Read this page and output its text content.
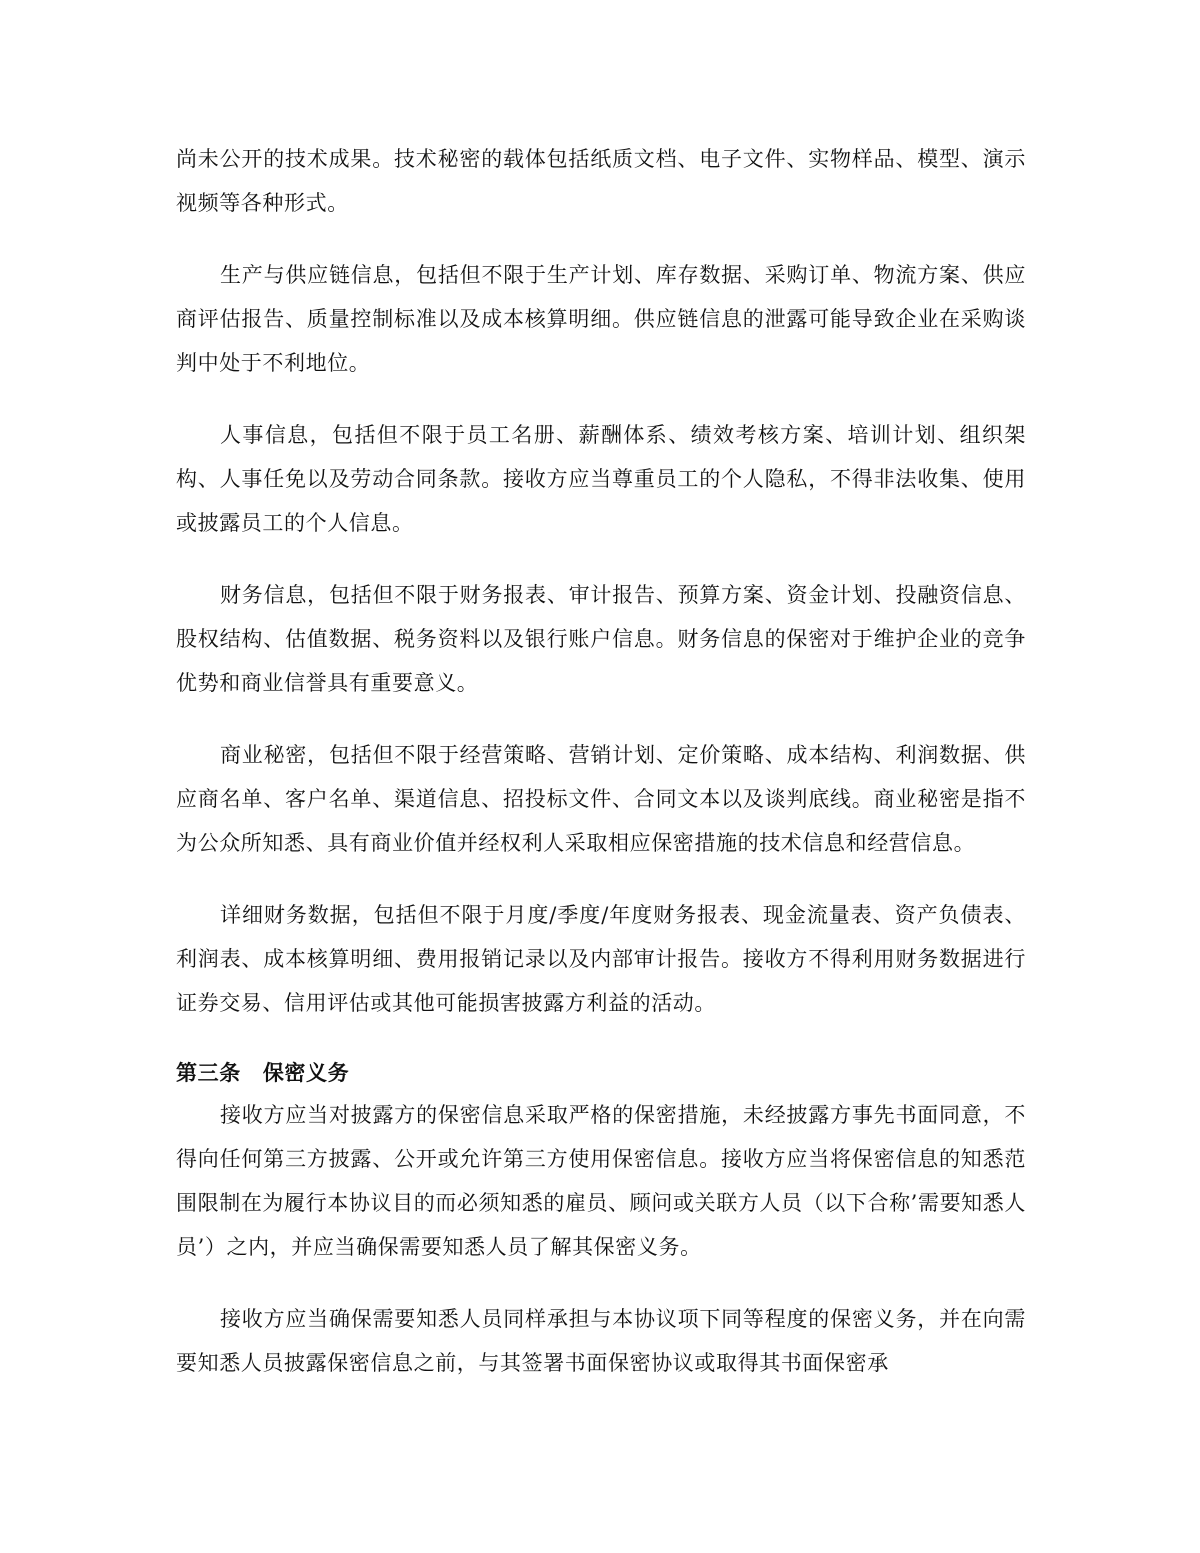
尚未公开的技术成果。技术秘密的载体包括纸质文档、电子文件、实物样品、模型、演示视频等各种形式。

生产与供应链信息，包括但不限于生产计划、库存数据、采购订单、物流方案、供应商评估报告、质量控制标准以及成本核算明细。供应链信息的泄露可能导致企业在采购谈判中处于不利地位。

人事信息，包括但不限于员工名册、薪酬体系、绩效考核方案、培训计划、组织架构、人事任免以及劳动合同条款。接收方应当尊重员工的个人隐私，不得非法收集、使用或披露员工的个人信息。

财务信息，包括但不限于财务报表、审计报告、预算方案、资金计划、投融资信息、股权结构、估值数据、税务资料以及银行账户信息。财务信息的保密对于维护企业的竞争优势和商业信誉具有重要意义。

商业秘密，包括但不限于经营策略、营销计划、定价策略、成本结构、利润数据、供应商名单、客户名单、渠道信息、招投标文件、合同文本以及谈判底线。商业秘密是指不为公众所知悉、具有商业价值并经权利人采取相应保密措施的技术信息和经营信息。

详细财务数据，包括但不限于月度/季度/年度财务报表、现金流量表、资产负债表、利润表、成本核算明细、费用报销记录以及内部审计报告。接收方不得利用财务数据进行证券交易、信用评估或其他可能损害披露方利益的活动。

第三条 保密义务

接收方应当对披露方的保密信息采取严格的保密措施，未经披露方事先书面同意，不得向任何第三方披露、公开或允许第三方使用保密信息。接收方应当将保密信息的知悉范围限制在为履行本协议目的而必须知悉的雇员、顾问或关联方人员（以下合称’需要知悉人员’）之内，并应当确保需要知悉人员了解其保密义务。

接收方应当确保需要知悉人员同样承担与本协议项下同等程度的保密义务，并在向需要知悉人员披露保密信息之前，与其签署书面保密协议或取得其书面保密承
